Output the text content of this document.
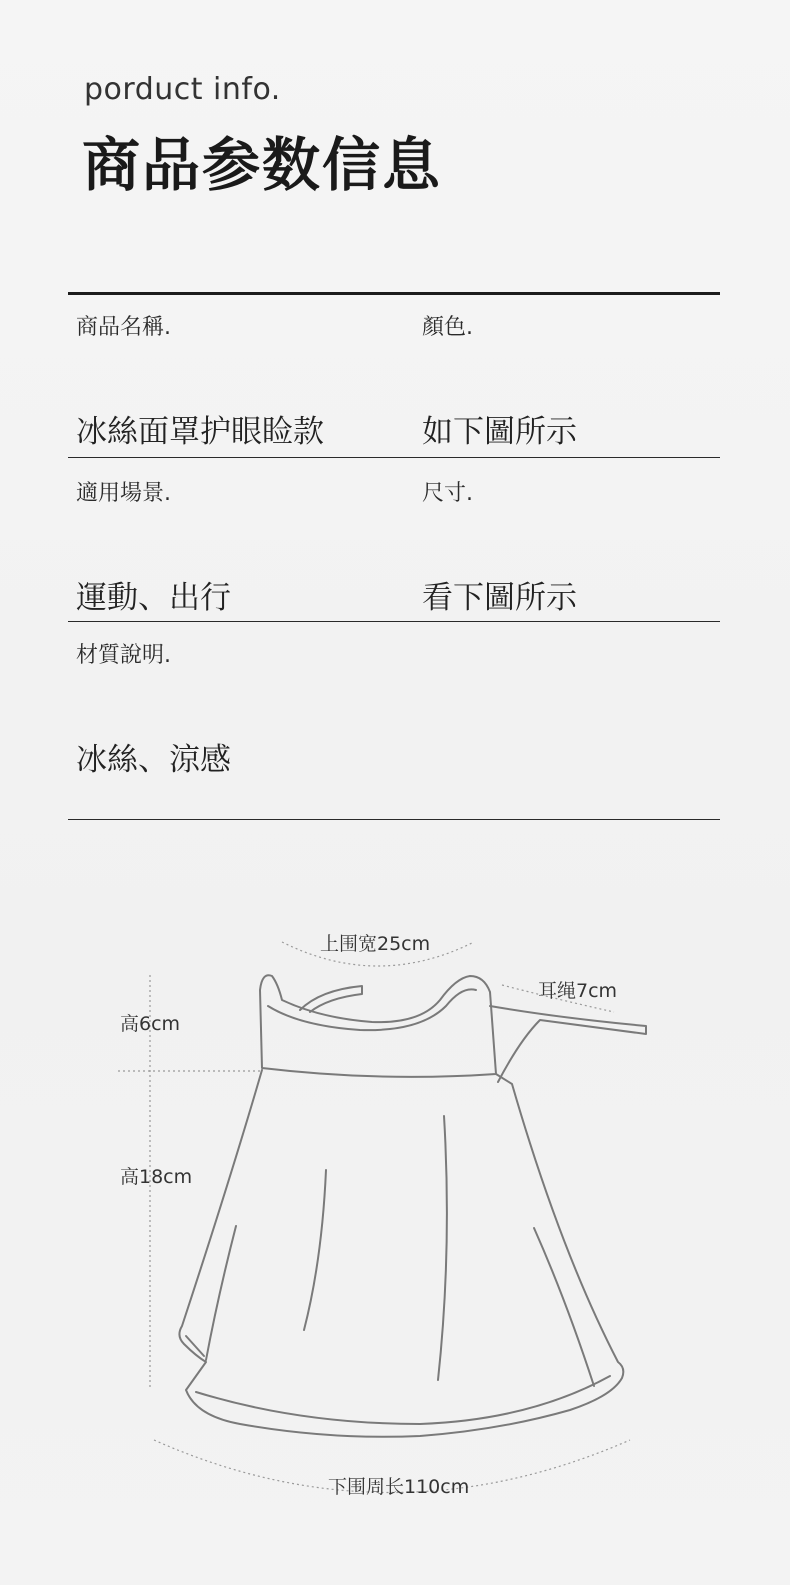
porduct info.
商品参数信息
商品名稱.
冰絲面罩护眼睑款
顏色.
如下圖所示
適用場景.
運動、出行
尺寸.
看下圖所示
材質說明.
冰絲、涼感
上围宽25cm
耳绳7cm
高6cm
高18cm
下围周长110cm
